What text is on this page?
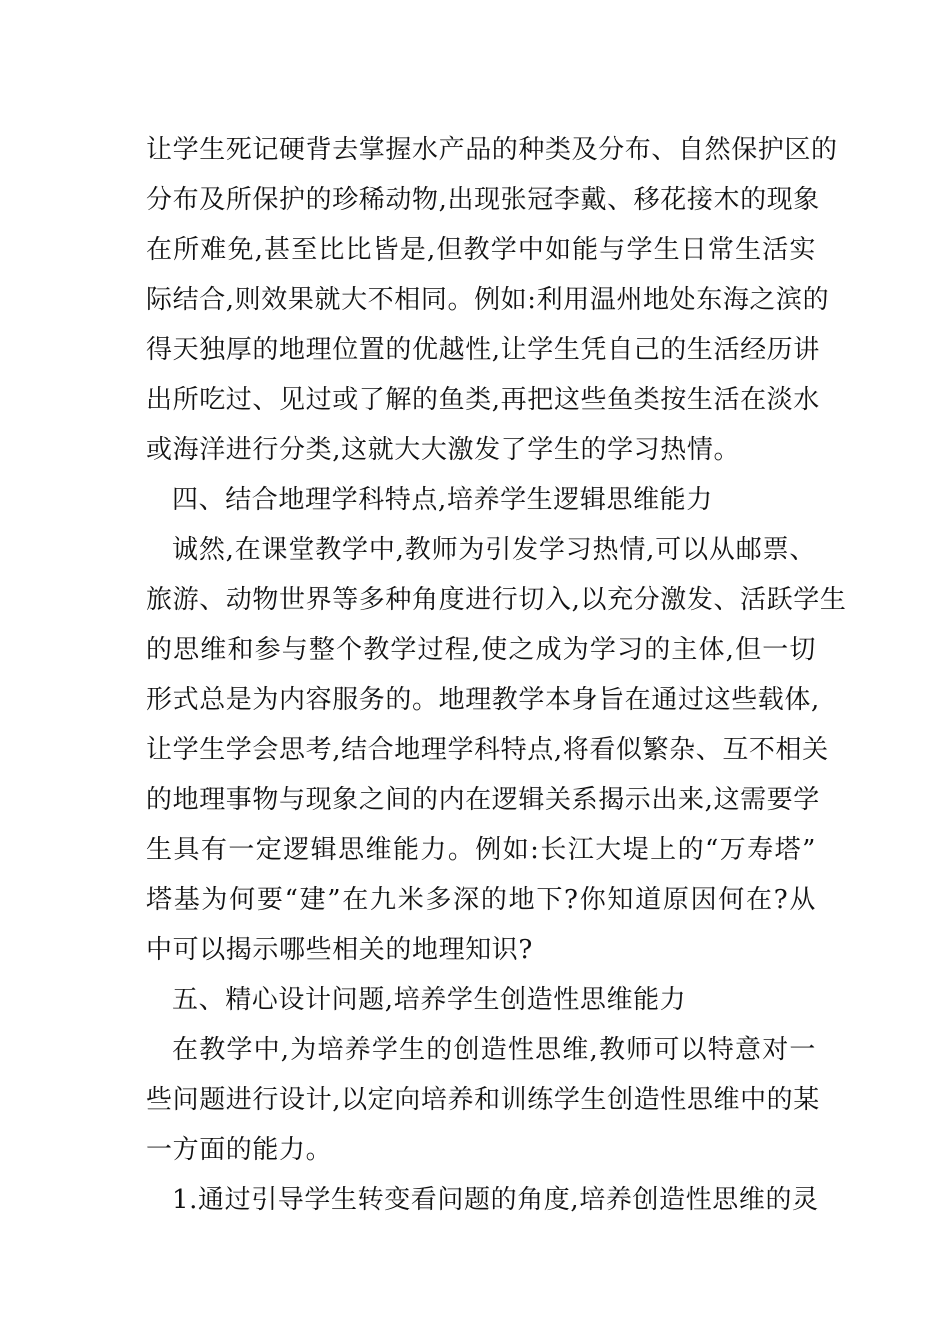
让学生死记硬背去掌握水产品的种类及分布、自然保护区的
分布及所保护的珍稀动物,出现张冠李戴、移花接木的现象
在所难免,甚至比比皆是,但教学中如能与学生日常生活实
际结合,则效果就大不相同。例如:利用温州地处东海之滨的
得天独厚的地理位置的优越性,让学生凭自己的生活经历讲
出所吃过、见过或了解的鱼类,再把这些鱼类按生活在淡水
或海洋进行分类,这就大大激发了学生的学习热情。
四、结合地理学科特点,培养学生逻辑思维能力
诚然,在课堂教学中,教师为引发学习热情,可以从邮票、
旅游、动物世界等多种角度进行切入,以充分激发、活跃学生
的思维和参与整个教学过程,使之成为学习的主体,但一切
形式总是为内容服务的。地理教学本身旨在通过这些载体,
让学生学会思考,结合地理学科特点,将看似繁杂、互不相关
的地理事物与现象之间的内在逻辑关系揭示出来,这需要学
生具有一定逻辑思维能力。例如:长江大堤上的“万寿塔”
塔基为何要“建”在九米多深的地下?你知道原因何在?从
中可以揭示哪些相关的地理知识?
五、精心设计问题,培养学生创造性思维能力
在教学中,为培养学生的创造性思维,教师可以特意对一
些问题进行设计,以定向培养和训练学生创造性思维中的某
一方面的能力。
1.通过引导学生转变看问题的角度,培养创造性思维的灵
